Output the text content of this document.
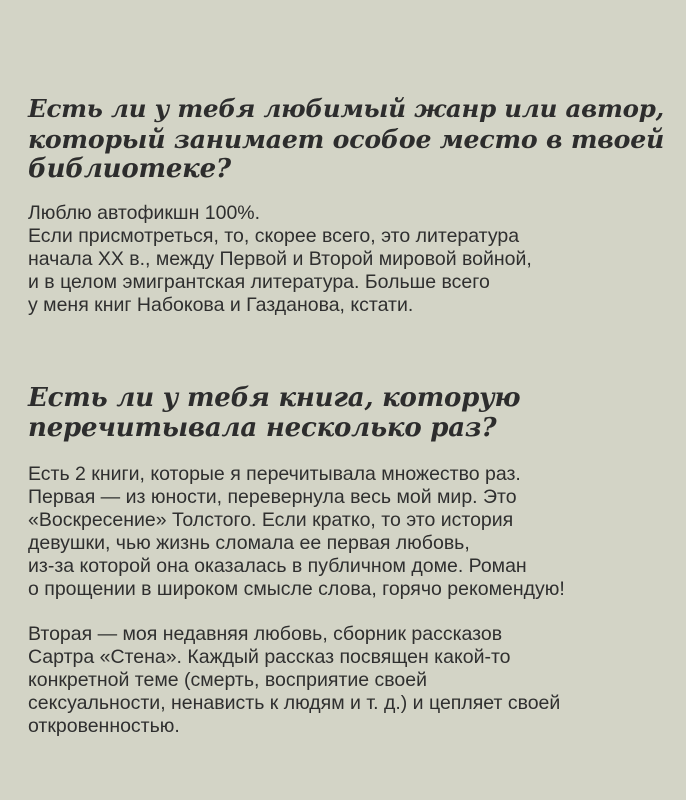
Есть ли у тебя любимый жанр или автор,
который занимает особое место в твоей
библиотеке?

Люблю автофикшн 100%.
Если присмотреться, то, скорее всего, это литература
начала XX в., между Первой и Второй мировой войной,
и в целом эмигрантская литература. Больше всего
у меня книг Набокова и Газданова, кстати.

Есть ли у тебя книга, которую
перечитывала несколько раз?

Есть 2 книги, которые я перечитывала множество раз.
Первая — из юности, перевернула весь мой мир. Это
«Воскресение» Толстого. Если кратко, то это история
девушки, чью жизнь сломала ее первая любовь,
из-за которой она оказалась в публичном доме. Роман
о прощении в широком смысле слова, горячо рекомендую!

Вторая — моя недавняя любовь, сборник рассказов
Сартра «Стена». Каждый рассказ посвящен какой-то
конкретной теме (смерть, восприятие своей
сексуальности, ненависть к людям и т. д.) и цепляет своей
откровенностью.
